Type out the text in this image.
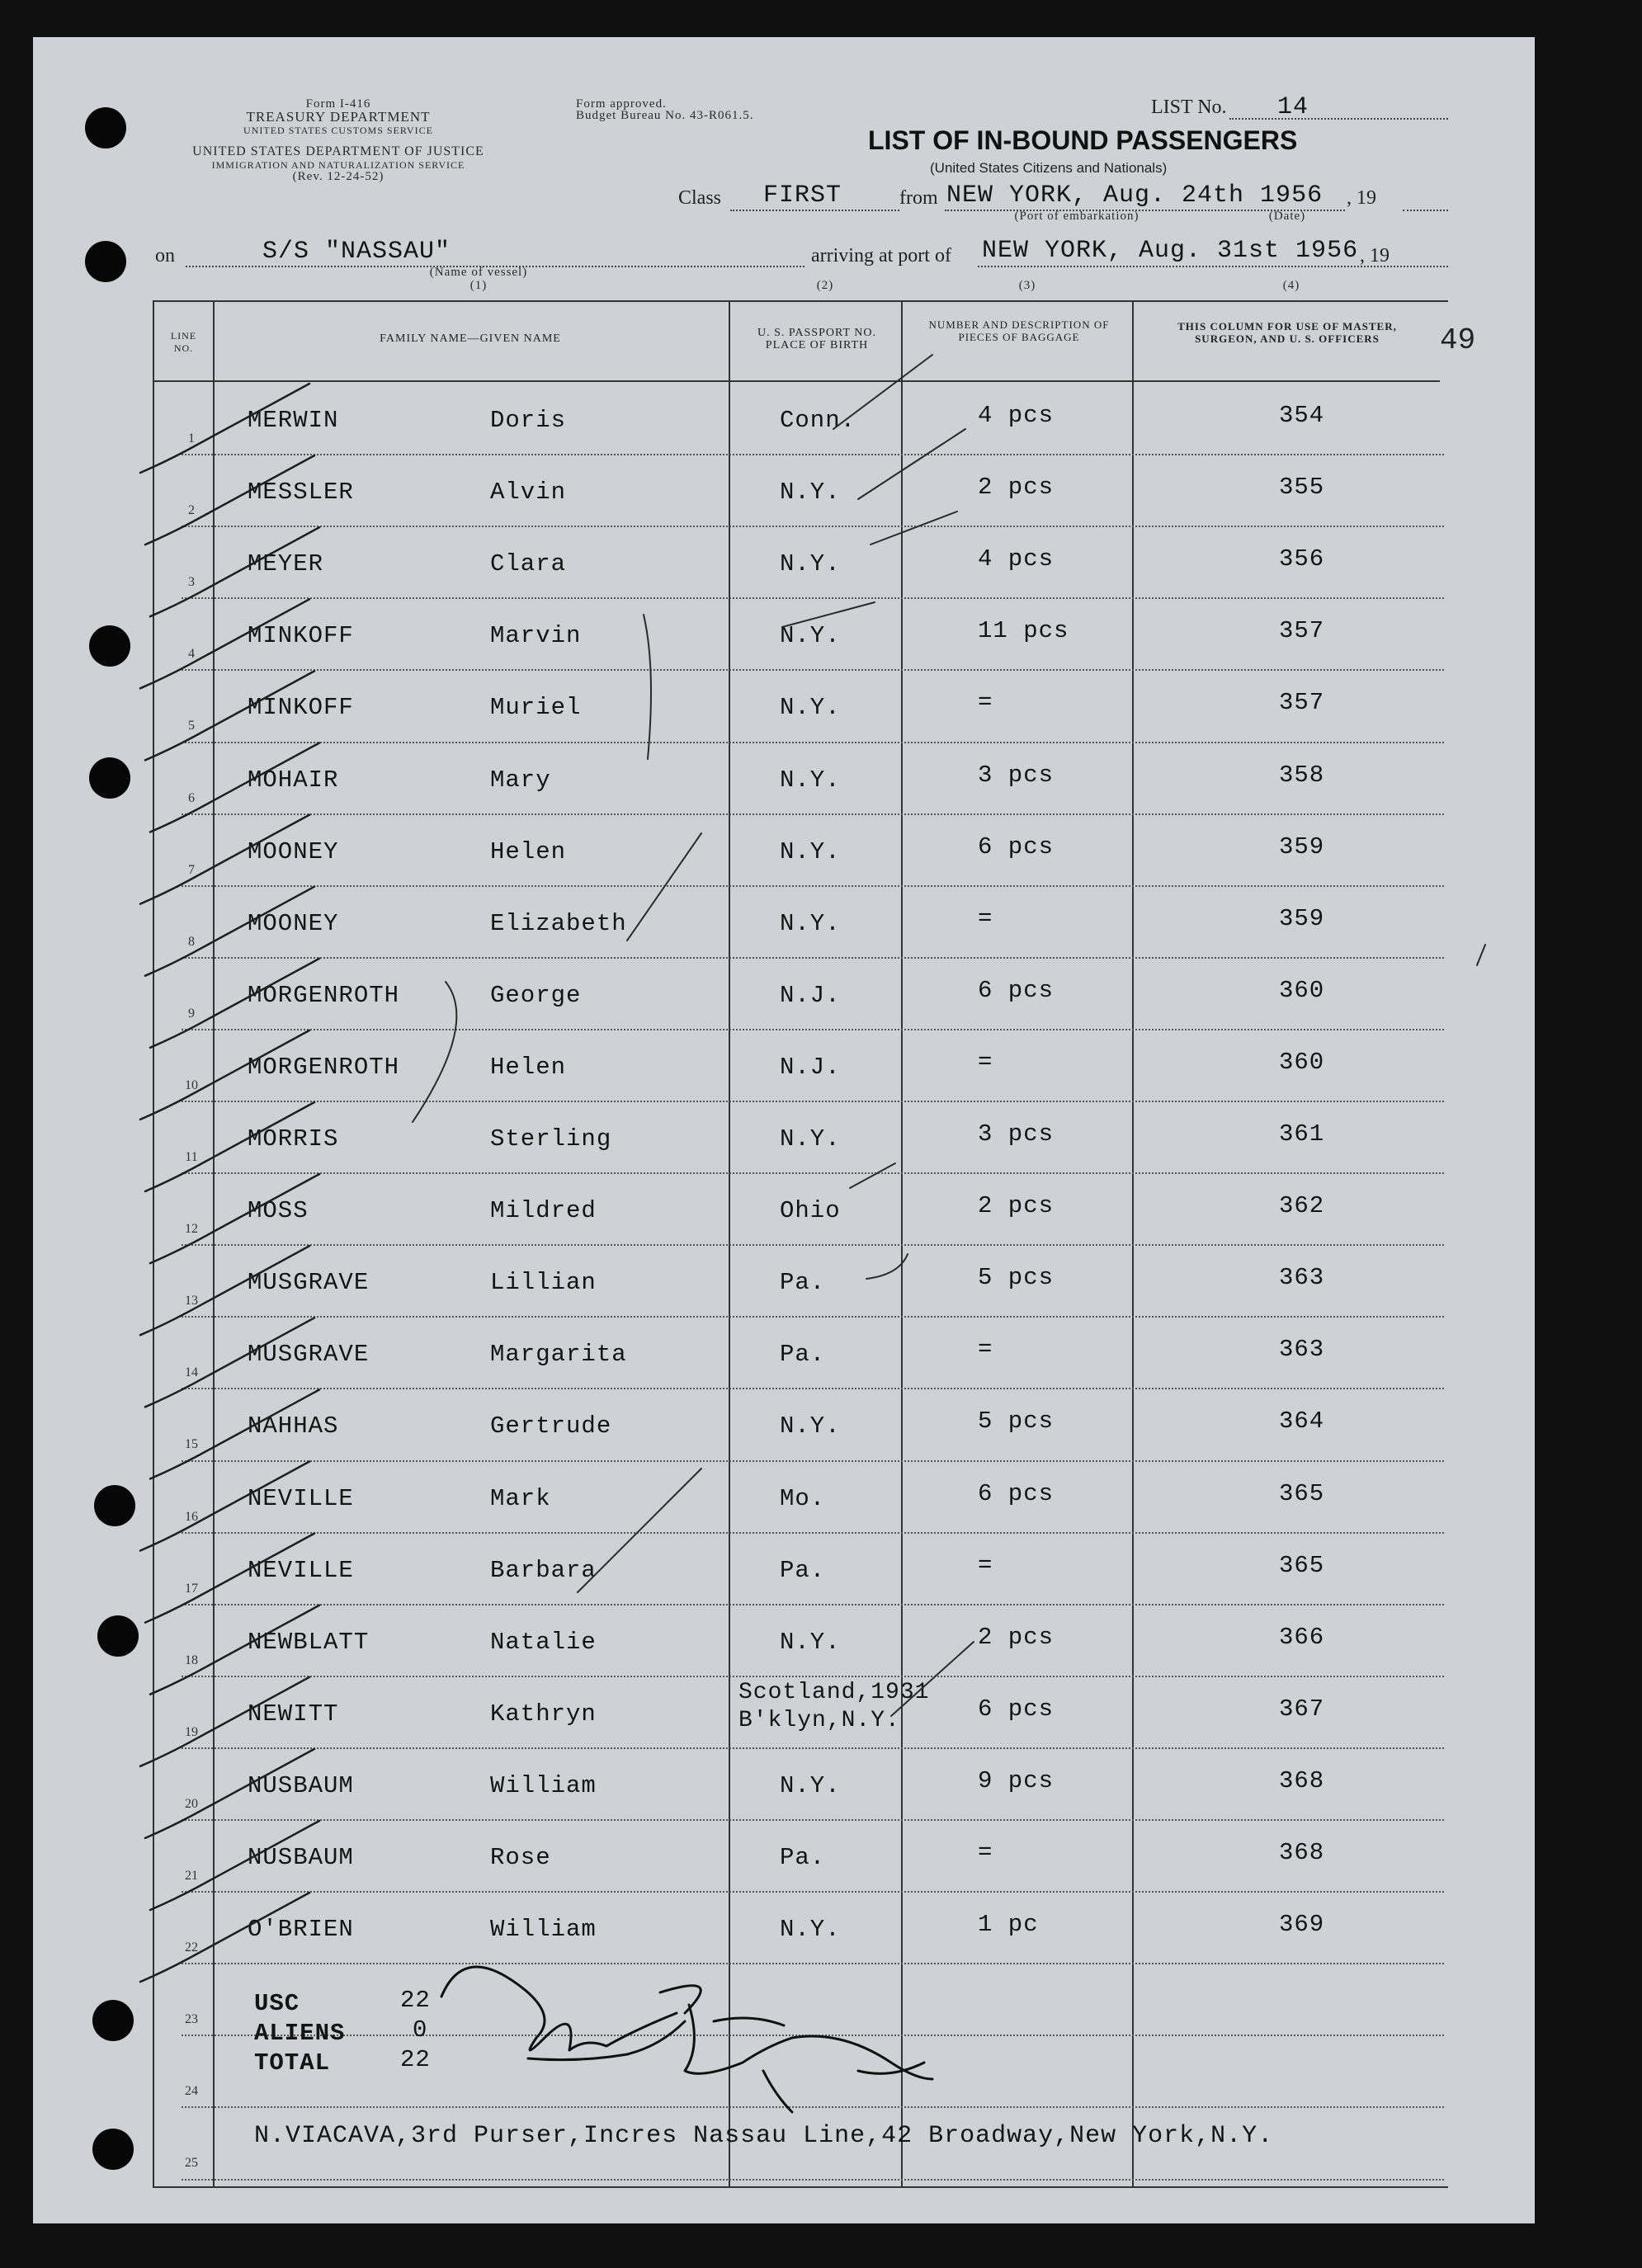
Form I-416
TREASURY DEPARTMENT
UNITED STATES CUSTOMS SERVICE
UNITED STATES DEPARTMENT OF JUSTICE
IMMIGRATION AND NATURALIZATION SERVICE
(Rev. 12-24-52)
Form approved.
Budget Bureau No. 43-R061.5.	LIST No. 14
LIST OF IN-BOUND PASSENGERS
(United States Citizens and Nationals)
Class FIRST	from NEW YORK, Aug. 24th 1956 , 19
(Port of embarkation)	(Date)
on	S/S "NASSAU"
(Name of vessel)
(1)
arriving at port of NEW YORK, Aug. 31st 1956 , 19
(2)	(3)	(4)
49
LINE NO.
FAMILY NAME—GIVEN NAME	U. S. PASSPORT NO. PLACE OF BIRTH
NUMBER AND DESCRIPTION OF PIECES OF BAGGAGE
THIS COLUMN FOR USE OF MASTER, SURGEON, AND U. S. OFFICERS
1
MERWIN	Doris	Conn.	4 pcs	354
2
MESSLER	Alvin	N.Y.	2 pcs	355
3
MEYER	Clara	N.Y.	4 pcs	356
4
MINKOFF	Marvin	N.Y.	11 pcs	357
5
MINKOFF	Muriel	N.Y.	=	357
6
MOHAIR	Mary	N.Y.	3 pcs	358
7
MOONEY	Helen	N.Y.	6 pcs	359
8
MOONEY	Elizabeth	N.Y.	=	359
9
MORGENROTH	George	N.J.	6 pcs	360
10
MORGENROTH	Helen	N.J.	=	360
11
MORRIS	Sterling	N.Y.	3 pcs	361
12
MOSS	Mildred	Ohio	2 pcs	362
13
MUSGRAVE	Lillian	Pa.	5 pcs	363
14
MUSGRAVE	Margarita	Pa.	=	363
15
NAHHAS	Gertrude	N.Y.	5 pcs	364
16
NEVILLE	Mark	Mo.	6 pcs	365
17
NEVILLE	Barbara	Pa.	=	365
18
NEWBLATT	Natalie	N.Y.	2 pcs	366
19
NEWITT	Kathryn
Scotland,1931
B'klyn,N.Y.	6 pcs	367
20
NUSBAUM	William	N.Y.	9 pcs	368
21
NUSBAUM	Rose	Pa.	=	368
22
O'BRIEN	William	N.Y.	1 pc	369
23
24
25
USC	22
ALIENS	0
TOTAL	22
N.VIACAVA,3rd Purser,Incres Nassau Line,42 Broadway,New York,N.Y.
